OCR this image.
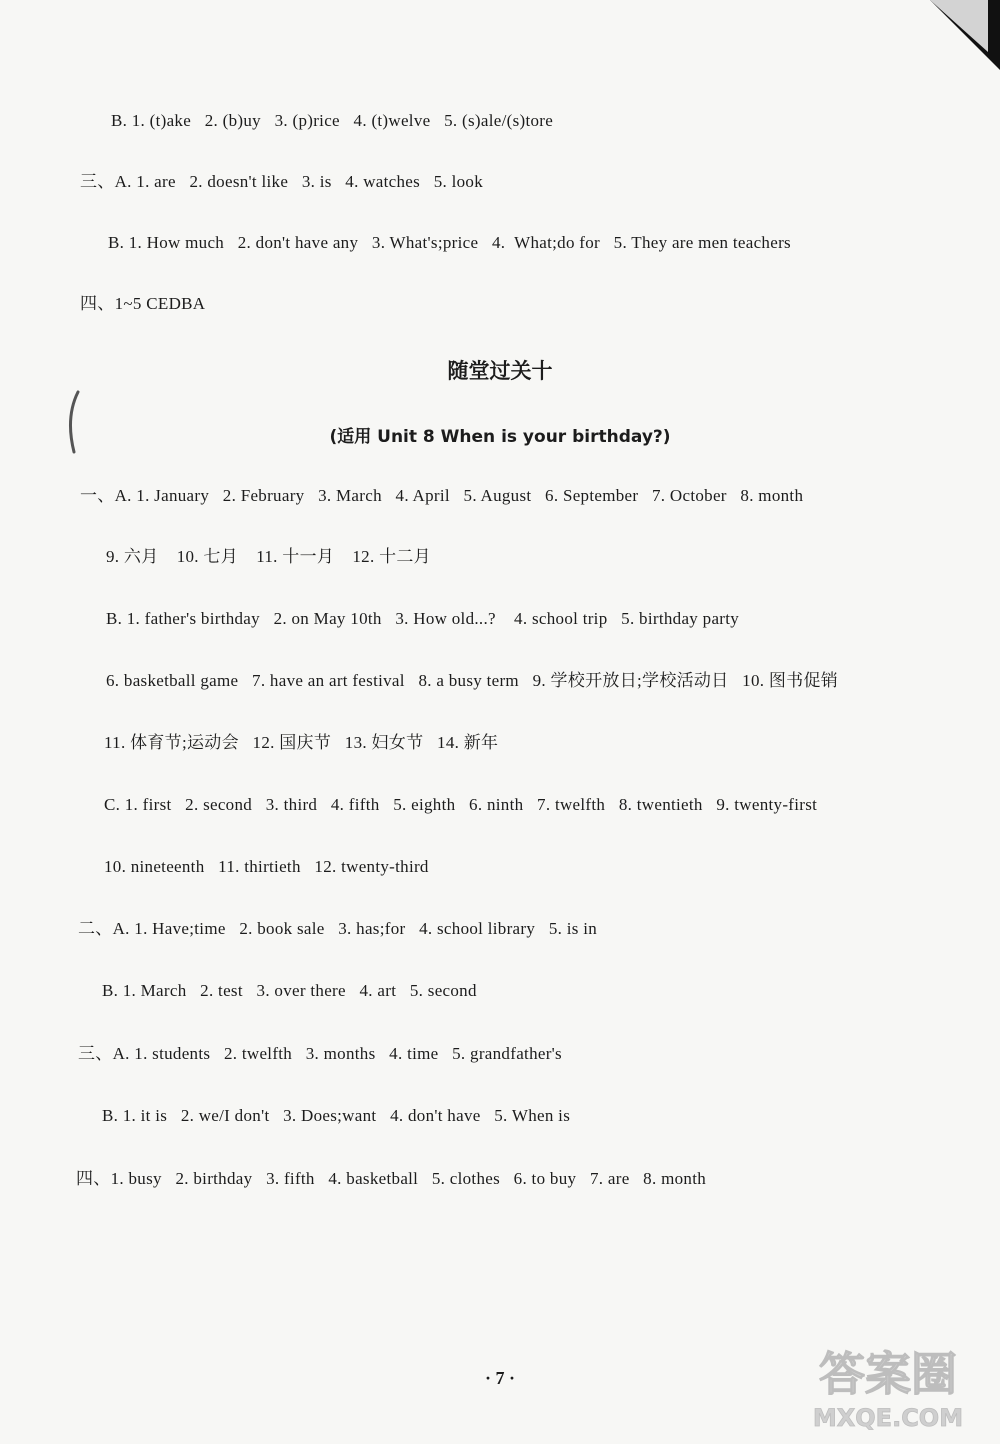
B. 1. (t)ake   2. (b)uy   3. (p)rice   4. (t)welve   5. (s)ale/(s)tore
三、A. 1. are   2. doesn't like   3. is   4. watches   5. look
B. 1. How much   2. don't have any   3. What's;price   4.  What;do for   5. They are men teachers
四、1~5 CEDBA
随堂过关十
(适用 Unit 8 When is your birthday?)
一、A. 1. January   2. February   3. March   4. April   5. August   6. September   7. October   8. month
9. 六月    10. 七月    11. 十一月    12. 十二月
B. 1. father's birthday   2. on May 10th   3. How old...?    4. school trip   5. birthday party
6. basketball game   7. have an art festival   8. a busy term   9. 学校开放日;学校活动日   10. 图书促销
11. 体育节;运动会   12. 国庆节   13. 妇女节   14. 新年
C. 1. first   2. second   3. third   4. fifth   5. eighth   6. ninth   7. twelfth   8. twentieth   9. twenty-first
10. nineteenth   11. thirtieth   12. twenty-third
二、A. 1. Have;time   2. book sale   3. has;for   4. school library   5. is in
B. 1. March   2. test   3. over there   4. art   5. second
三、A. 1. students   2. twelfth   3. months   4. time   5. grandfather's
B. 1. it is   2. we/I don't   3. Does;want   4. don't have   5. When is
四、1. busy   2. birthday   3. fifth   4. basketball   5. clothes   6. to buy   7. are   8. month
· 7 ·	答案圈
MXQE.COM
